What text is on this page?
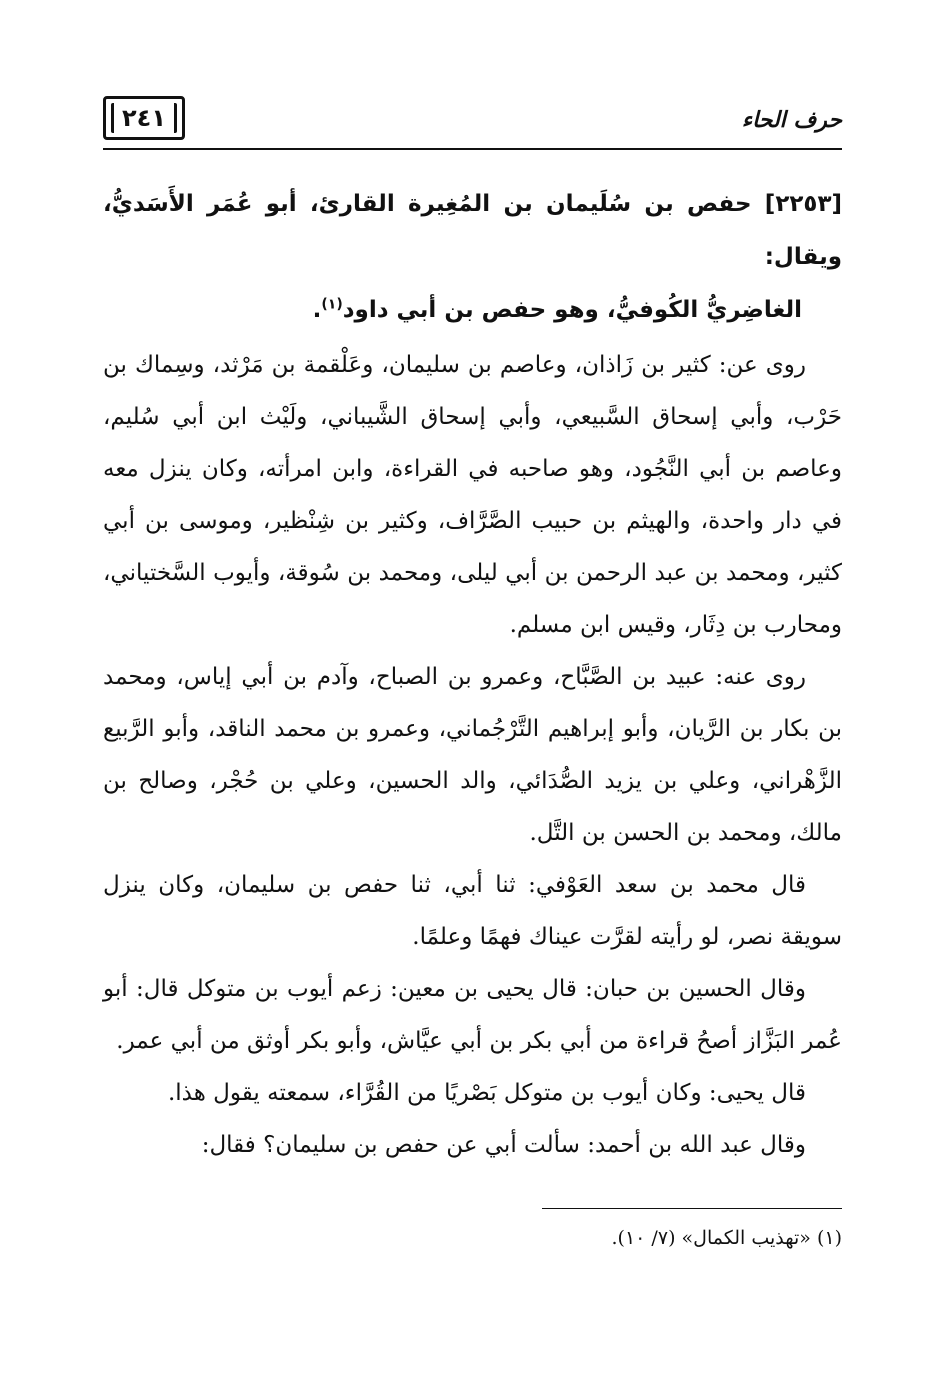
٢٤١	حرف الحاء
[٢٢٥٣] حفص بن سُلَيمان بن المُغِيرة القارئ، أبو عُمَر الأَسَديُّ، ويقال:
الغاضِريُّ الكُوفيُّ، وهو حفص بن أبي داود$^{(١)}$.

روى عن: كثير بن زَاذان، وعاصم بن سليمان، وعَلْقمة بن مَرْثد، وسِماك بن حَرْب، وأبي إسحاق السَّبيعي، وأبي إسحاق الشَّيباني، ولَيْث ابن أبي سُليم، وعاصم بن أبي النَّجُود، وهو صاحبه في القراءة، وابن امرأته، وكان ينزل معه في دار واحدة، والهيثم بن حبيب الصَّرَّاف، وكثير بن شِنْظير، وموسى بن أبي كثير، ومحمد بن عبد الرحمن بن أبي ليلى، ومحمد بن سُوقة، وأيوب السَّختياني، ومحارب بن دِثَار، وقيس ابن مسلم.

روى عنه: عبيد بن الصَّبَّاح، وعمرو بن الصباح، وآدم بن أبي إياس، ومحمد بن بكار بن الرَّيان، وأبو إبراهيم التَّرْجُماني، وعمرو بن محمد الناقد، وأبو الرَّبيع الزَّهْراني، وعلي بن يزيد الصُّدَائي، والد الحسين، وعلي بن حُجْر، وصالح بن مالك، ومحمد بن الحسن بن التَّل.

قال محمد بن سعد العَوْفي: ثنا أبي، ثنا حفص بن سليمان، وكان ينزل سويقة نصر، لو رأيته لقرَّت عيناك فهمًا وعلمًا.

وقال الحسين بن حبان: قال يحيى بن معين: زعم أيوب بن متوكل قال: أبو عُمر البَزَّاز أصحُ قراءة من أبي بكر بن أبي عيَّاش، وأبو بكر أوثق من أبي عمر.

قال يحيى: وكان أيوب بن متوكل بَصْريًا من القُرَّاء، سمعته يقول هذا.

وقال عبد الله بن أحمد: سألت أبي عن حفص بن سليمان؟ فقال:

(١) «تهذيب الكمال» (٧/ ١٠).
